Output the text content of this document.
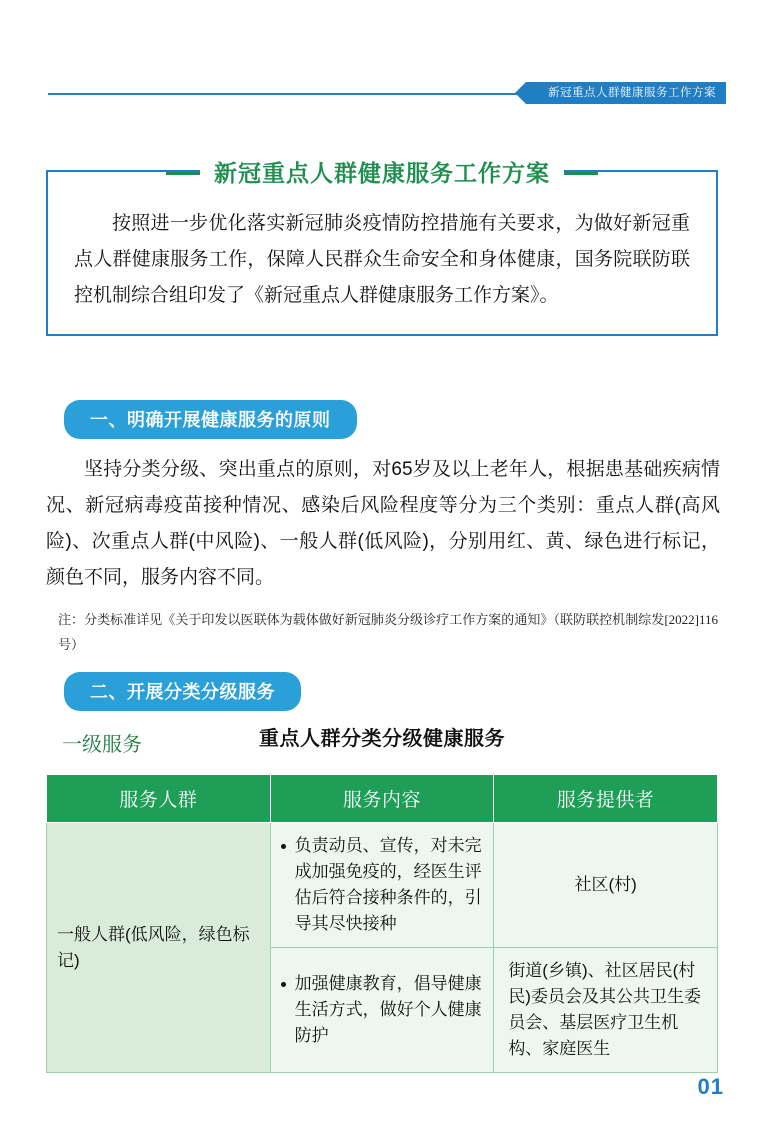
新冠重点人群健康服务工作方案
新冠重点人群健康服务工作方案
按照进一步优化落实新冠肺炎疫情防控措施有关要求，为做好新冠重点人群健康服务工作，保障人民群众生命安全和身体健康，国务院联防联控机制综合组印发了《新冠重点人群健康服务工作方案》。
一、明确开展健康服务的原则
坚持分类分级、突出重点的原则，对65岁及以上老年人，根据患基础疾病情况、新冠病毒疫苗接种情况、感染后风险程度等分为三个类别：重点人群(高风险)、次重点人群(中风险)、一般人群(低风险)，分别用红、黄、绿色进行标记，颜色不同，服务内容不同。
注：分类标准详见《关于印发以医联体为载体做好新冠肺炎分级诊疗工作方案的通知》（联防联控机制综发[2022]116号）
二、开展分类分级服务
一级服务	重点人群分类分级健康服务
服务人群	服务内容	服务提供者
一般人群(低风险，绿色标记)	负责动员、宣传，对未完成加强免疫的，经医生评估后符合接种条件的，引导其尽快接种	社区(村)

	加强健康教育，倡导健康生活方式，做好个人健康防护	街道(乡镇)、社区居民(村民)委员会及其公共卫生委员会、基层医疗卫生机构、家庭医生
01
